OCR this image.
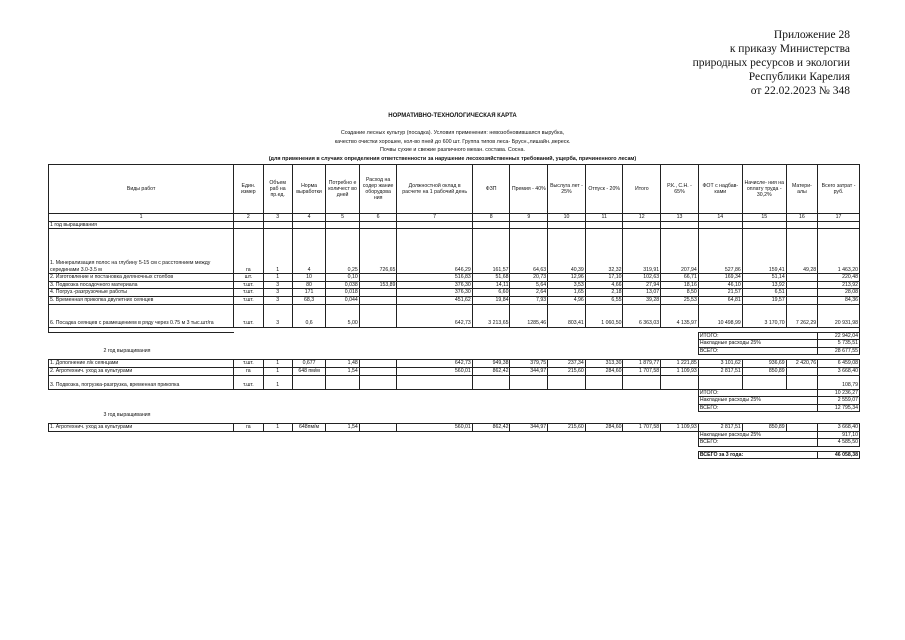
Приложение 28
к приказу Министерства
природных ресурсов и экологии
Республики Карелия
от 22.02.2023 № 348
НОРМАТИВНО-ТЕХНОЛОГИЧЕСКАЯ КАРТА
Создание лесных культур (посадка). Условия применения: невозобновившаяся вырубка,
качество очистки хорошее, кол-во пней до 600 шт. Группа типов леса- Брусн.,лишайн.,вереск.
Почвы сухие и свежие различного механ. состава. Сосна.
(для применения в случаях определения ответственности за нарушение лесохозяйственных требований, ущерба, причиненного лесам)
Виды работ	Един. измер	Объем раб на пр.ед.	Норма выработки	Потребно е количест во дней	Расход на содер жание оборудова ния	Должностной оклад в расчете на 1 рабочий день	ФЗП	Премия - 40%	Выслуга лет - 25%	Отпуск - 20%	Итого	Р.К., С.Н. - 65%	ФОТ с надбав- ками	Начисле- ния на оплату труда - 30,2%	Матери- алы	Всего затрат - руб.
1	2	3	4	5	6	7	8	9	10	11	12	13	14	15	16	17
1 год выращивания																
1. Минерализация полос на глубину 5-15 см с расстоянием между серединами 3.0-3.5 м	га	1	4	0,25	726,65	646,29	161,57	64,63	40,39	32,32	319,91	207,94	527,86	159,41	49,28	1 463,20
2. Изготовление и постановка деляночных столбов	шт.	1	10	0,10		516,83	51,68	20,73	12,96	17,10	102,63	66,71	169,34	51,14		220,48
3. Подвозка посадочного материала	т.шт.	3	80	0,038	153,89	376,30	14,11	5,64	3,53	4,66	27,94	18,16	46,10	13,92		213,92
4. Погруз.-разгрузочные работы	т.шт.	3	171	0,018		376,30	6,60	2,64	1,65	2,18	13,07	8,50	21,57	6,51		28,08
5. Временная прикопка двулетних сеянцев	т.шт.	3	68,3	0,044		451,62	19,84	7,93	4,96	6,55	39,28	25,53	64,81	19,57		84,36
6. Посадка сеянцев с размещением в ряду через 0.75 м 3 тыс.шт/га	т.шт.	3	0,6	5,00		642,73	3 213,65	1285,46	803,41	1 060,50	6 363,03	4 135,97	10 498,99	3 170,70	7 262,29	20 931,98

													ИТОГО:			22 942,04
													Накладные расходы 25%			5 735,51
2 год выращивания													ВСЕГО:			28 677,55

1. Дополнение л/к сеянцами	т.шт.	1	0,677	1,48		642,73	949,38	379,75	237,34	313,30	1 879,77	1 221,85	3 101,62	936,69	2 420,76	6 459,08
2. Агротехнич. уход за культурами	га	1	648 пм/м	1,54		560,01	862,42	344,97	215,60	284,60	1 707,58	1 109,93	2 817,51	850,89		3 668,40
3. Подвозка, погрузка-разгрузка, временная прикопка	т.шт.	1														108,79
													ИТОГО:			10 236,27
													Накладные расходы 25%			2 559,07
													ВСЕГО:			12 795,34
3 год выращивания																

1. Агротехнич. уход за культурами	га	1	648пм/м	1,54		560,01	862,42	344,97	215,60	284,60	1 707,58	1 109,93	2 817,51	850,89		3 668,40
													Накладные расходы 25%			917,10
													ВСЕГО:			4 585,50

													ВСЕГО за 3 года:			46 058,38
